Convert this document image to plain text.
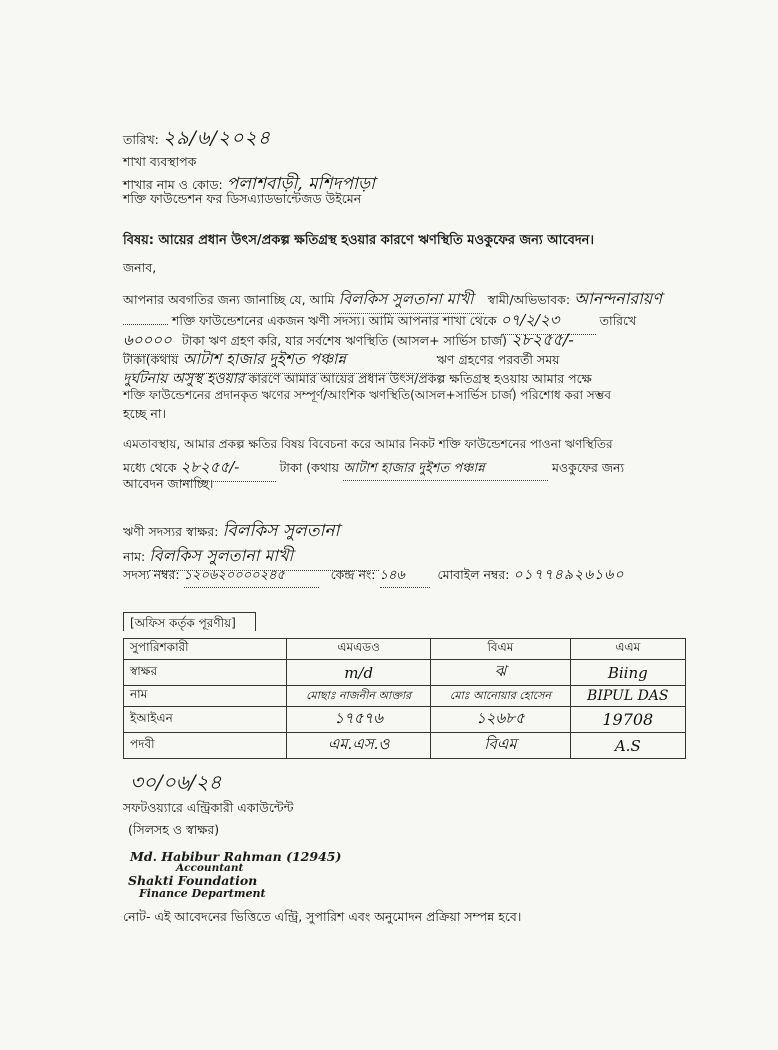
তারিখ: ২৯/৬/২০২৪
শাখা ব্যবস্থাপক
শাখার নাম ও কোড: পলাশবাড়ী, মশিদপাড়া
শক্তি ফাউন্ডেশন ফর ডিসএ্যাডভান্টেজড উইমেন
বিষয়: আয়ের প্রধান উৎস/প্রকল্প ক্ষতিগ্রস্থ হওয়ার কারণে ঋণস্থিতি মওকুফের জন্য আবেদন।
জনাব,
আপনার অবগতির জন্য জানাচ্ছি যে, আমি বিলকিস সুলতানা মাখী স্বামী/অভিভাবক: আনন্দনারায়ণ
শক্তি ফাউন্ডেশনের একজন ঋণী সদস্য। আমি আপনার শাখা থেকে ০৭/২/২৩	তারিখে
৬০০০০ টাকা ঋণ গ্রহণ করি, যার সর্বশেষ ঋণস্থিতি (আসল+ সার্ভিস চার্জ) ২৮২৫৫/-
টাকা(কথায় আটাশ হাজার দুইশত পঞ্চান্ন	ঋণ গ্রহণের পরবর্তী সময়
দুর্ঘটনায় অসুস্থ হওয়ার কারণে আমার আয়ের প্রধান উৎস/প্রকল্প ক্ষতিগ্রস্থ হওয়ায় আমার পক্ষে
শক্তি ফাউন্ডেশনের প্রদানকৃত ঋণের সম্পূর্ণ/আংশিক ঋণস্থিতি(আসল+সার্ভিস চার্জ) পরিশোধ করা সম্ভব
হচ্ছে না।
এমতাবস্থায়, আমার প্রকল্প ক্ষতির বিষয় বিবেচনা করে আমার নিকট শক্তি ফাউন্ডেশনের পাওনা ঋণস্থিতির
মধ্যে থেকে ২৮২৫৫/-	টাকা (কথায় আটাশ হাজার দুইশত পঞ্চান্ন	মওকুফের জন্য
আবেদন জানাচ্ছি।
ঋণী সদস্যর স্বাক্ষর: বিলকিস সুলতানা
নাম: বিলকিস সুলতানা মাখী
সদস্য নম্বর: ১২০৬২০০০০২৪৫	কেন্দ্র নং: ১৪৬	মোবাইল নম্বর: ০১৭৭৪৯২৬১৬০
[অফিস কর্তৃক পূরণীয়]
সুপারিশকারী	এমএডও	বিএম	এএম
স্বাক্ষর	m/d	ঝ	Biing
নাম	মোছাঃ নাজনীন আক্তার	মোঃ আনোয়ার হোসেন	BIPUL DAS
ইআইএন	১৭৫৭৬	১২৬৮৫	19708
পদবী	এম.এস.ও	বিএম	A.S
৩০/০৬/২৪
সফটওয়্যারে এন্ট্রিকারী একাউন্টেন্ট
(সিলসহ ও স্বাক্ষর)
Md. Habibur Rahman (12945)
Accountant
Shakti Foundation
Finance Department
নোট- এই আবেদনের ভিত্তিতে এন্ট্রি, সুপারিশ এবং অনুমোদন প্রক্রিয়া সম্পন্ন হবে।
